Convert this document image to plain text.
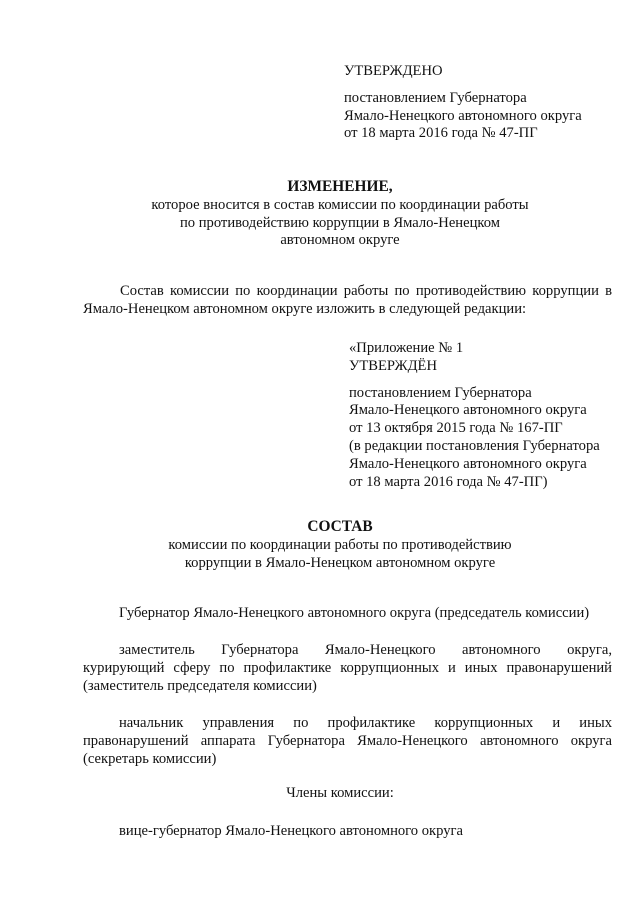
УТВЕРЖДЕНО
постановлением Губернатора
Ямало-Ненецкого автономного округа
от 18 марта 2016 года № 47-ПГ
ИЗМЕНЕНИЕ,
которое вносится в состав комиссии по координации работы
по противодействию коррупции в Ямало-Ненецком
автономном округе
Состав комиссии по координации работы по противодействию коррупции в
Ямало-Ненецком автономном округе изложить в следующей редакции:
«Приложение № 1
УТВЕРЖДЁН
постановлением Губернатора
Ямало-Ненецкого автономного округа
от 13 октября 2015 года № 167-ПГ
(в редакции постановления Губернатора
Ямало-Ненецкого автономного округа
от 18 марта 2016 года № 47-ПГ)
СОСТАВ
комиссии по координации работы по противодействию
коррупции в Ямало-Ненецком автономном округе
Губернатор Ямало-Ненецкого автономного округа (председатель комиссии)
заместитель Губернатора Ямало-Ненецкого автономного округа,
курирующий сферу по профилактике коррупционных и иных правонарушений
(заместитель председателя комиссии)
начальник управления по профилактике коррупционных и иных
правонарушений аппарата Губернатора Ямало-Ненецкого автономного округа
(секретарь комиссии)
Члены комиссии:
вице-губернатор Ямало-Ненецкого автономного округа
